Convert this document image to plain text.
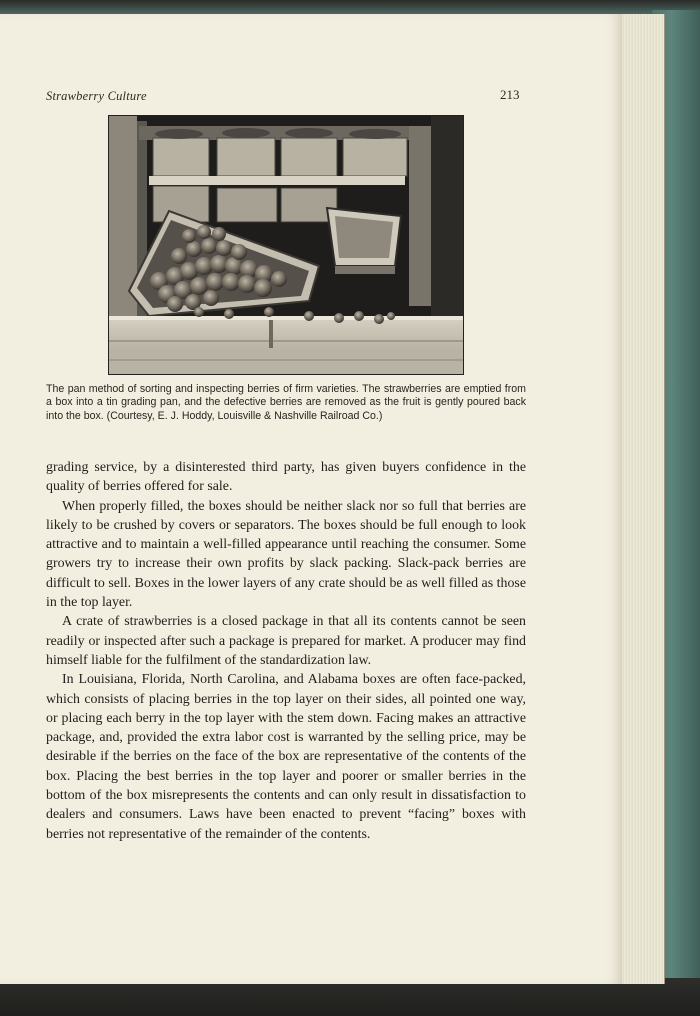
Strawberry Culture	213
The pan method of sorting and inspecting berries of firm varieties. The strawberries are emptied from a box into a tin grading pan, and the defective berries are removed as the fruit is gently poured back into the box. (Courtesy, E. J. Hoddy, Louisville & Nashville Railroad Co.)

grading service, by a disinterested third party, has given buyers confidence in the quality of berries offered for sale.

When properly filled, the boxes should be neither slack nor so full that berries are likely to be crushed by covers or separators. The boxes should be full enough to look attractive and to maintain a well-filled appearance until reaching the consumer. Some growers try to increase their own profits by slack packing. Slack-pack berries are difficult to sell. Boxes in the lower layers of any crate should be as well filled as those in the top layer.

A crate of strawberries is a closed package in that all its contents cannot be seen readily or inspected after such a package is prepared for market. A producer may find himself liable for the fulfilment of the standardization law.

In Louisiana, Florida, North Carolina, and Alabama boxes are often face-packed, which consists of placing berries in the top layer on their sides, all pointed one way, or placing each berry in the top layer with the stem down. Facing makes an attractive package, and, provided the extra labor cost is warranted by the selling price, may be desirable if the berries on the face of the box are representative of the contents of the box. Placing the best berries in the top layer and poorer or smaller berries in the bottom of the box misrepresents the contents and can only result in dissatisfaction to dealers and consumers. Laws have been enacted to prevent “facing” boxes with berries not representative of the remainder of the contents.
